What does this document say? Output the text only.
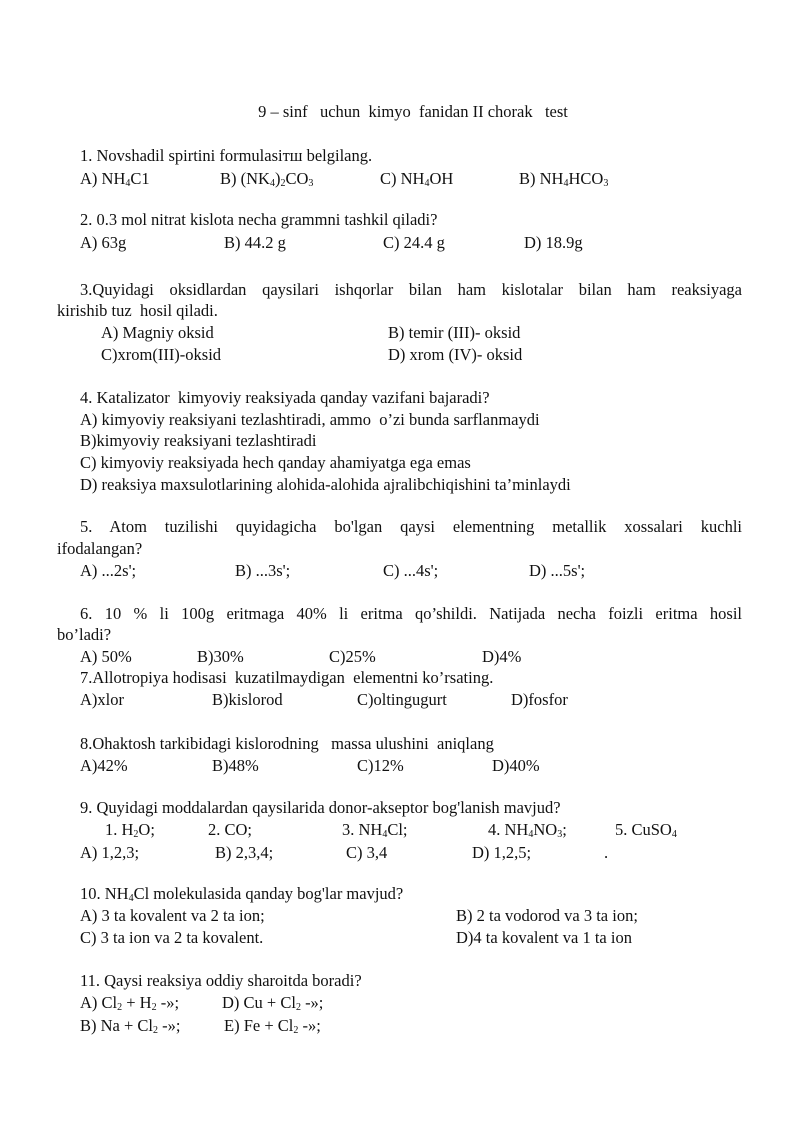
9 – sinf   uchun  kimyo  fanidan II chorak   test
1. Novshadil spirtini formulasiтш belgilang.
A) $NH_4C1$	B) $(NK_4)_2CO_3$	C) $NH_4OH$	B) $NH_4HCO_3$
2. 0.3 mol nitrat kislota necha grammni tashkil qiladi?
A) 63g	B) 44.2 g	C) 24.4 g	D) 18.9g
3.Quyidagi oksidlardan qaysilari ishqorlar bilan ham kislotalar bilan ham reaksiyaga
kirishib tuz  hosil qiladi.
A) Magniy oksid	B) temir (III)- oksid
C)xrom(III)-oksid	D) xrom (IV)- oksid
4. Katalizator  kimyoviy reaksiyada qanday vazifani bajaradi?
A) kimyoviy reaksiyani tezlashtiradi, ammo  o’zi bunda sarflanmaydi
B)kimyoviy reaksiyani tezlashtiradi
C) kimyoviy reaksiyada hech qanday ahamiyatga ega emas
D) reaksiya maxsulotlarining alohida-alohida ajralibchiqishini ta’minlaydi
5. Atom tuzilishi quyidagicha bo'lgan qaysi elementning metallik xossalari kuchli
ifodalangan?
A) ...2s';	B) ...3s';	C) ...4s';	D) ...5s';
6. 10 % li 100g eritmaga 40% li eritma qo’shildi. Natijada necha foizli eritma hosil
bo’ladi?
A) 50%	B)30%	C)25%	D)4%
7.Allotropiya hodisasi  kuzatilmaydigan  elementni ko’rsating.
A)xlor	B)kislorod	C)oltingugurt	D)fosfor
8.Ohaktosh tarkibidagi kislorodning   massa ulushini  aniqlang
A)42%	B)48%	C)12%	D)40%
9. Quyidagi moddalardan qaysilarida donor-akseptor bog'lanish mavjud?
1. $H_2O$;	2. CO;	3. $NH_4Cl$;	4. $NH_4NO_3$;	5. CuSO$_4$
A) 1,2,3;	B) 2,3,4;	C) 3,4	D) 1,2,5;	.
10. $NH_4Cl$ molekulasida qanday bog'lar mavjud?
A) 3 ta kovalent va 2 ta ion;	B) 2 ta vodorod va 3 ta ion;
C) 3 ta ion va 2 ta kovalent.	D)4 ta kovalent va 1 ta ion
11. Qaysi reaksiya oddiy sharoitda boradi?
A) $Cl_2 + H_2$ -»;	D) $Cu + Cl_2$ -»;
B) $Na + Cl_2$ -»;	E) $Fe + Cl_2$ -»;
